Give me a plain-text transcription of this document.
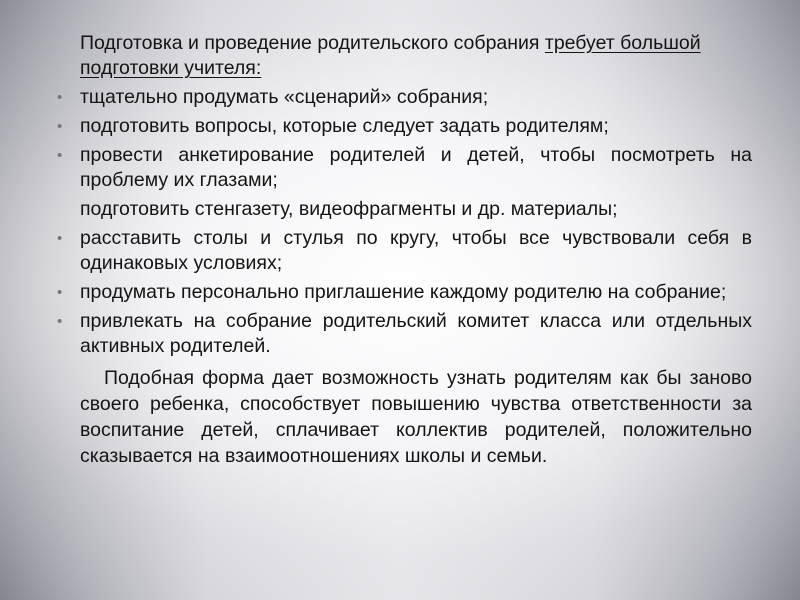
Подготовка и проведение родительского собрания требует большой подготовки учителя:

• тщательно продумать «сценарий» собрания;
• подготовить вопросы, которые следует задать родителям;
• провести анкетирование родителей и детей, чтобы посмотреть на проблему их глазами;
подготовить стенгазету, видеофрагменты и др. материалы;
• расставить столы и стулья по кругу, чтобы все чувствовали себя в одинаковых условиях;
• продумать персонально приглашение каждому родителю на собрание;
• привлекать на собрание родительский комитет класса или отдельных активных родителей.

Подобная форма дает возможность узнать родителям как бы заново своего ребенка, способствует повышению чувства ответственности за воспитание детей, сплачивает коллектив родителей, положительно сказывается на взаимоотношениях школы и семьи.
